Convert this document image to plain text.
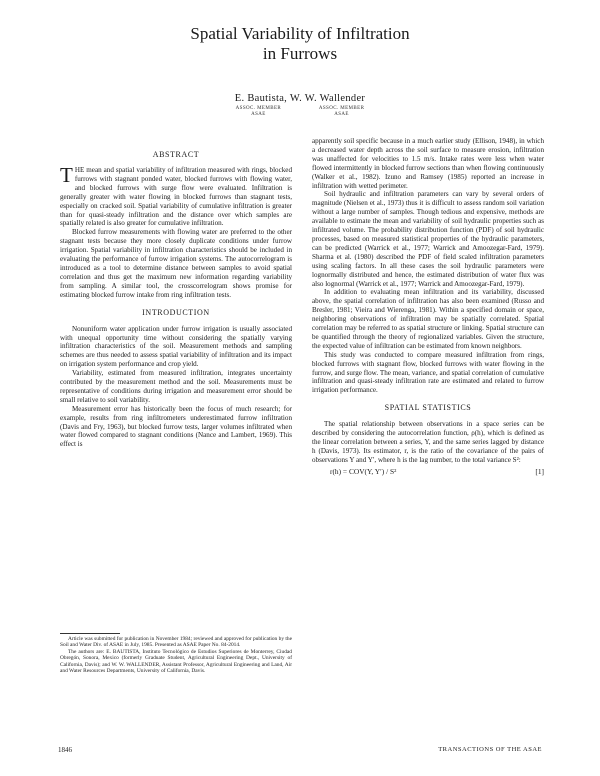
Spatial Variability of Infiltration
in Furrows
E. Bautista, W. W. Wallender
ASSOC. MEMBER
ASAE ASSOC. MEMBER
ASAE
ABSTRACT

THE mean and spatial variability of infiltration measured with rings, blocked furrows with stagnant ponded water, blocked furrows with flowing water, and blocked furrows with surge flow were evaluated. Infiltration is generally greater with water flowing in blocked furrows than stagnant tests, especially on cracked soil. Spatial variability of cumulative infiltration is greater than for quasi-steady infiltration and the distance over which samples are spatially related is also greater for cumulative infiltration.

Blocked furrow measurements with flowing water are preferred to the other stagnant tests because they more closely duplicate conditions under furrow irrigation. Spatial variability in infiltration characteristics should be included in evaluating the performance of furrow irrigation systems. The autocorrelogram is introduced as a tool to determine distance between samples to avoid spatial correlation and thus get the maximum new information regarding variability from sampling. A similar tool, the crosscorrelogram shows promise for estimating blocked furrow intake from ring infiltration tests.

INTRODUCTION

Nonuniform water application under furrow irrigation is usually associated with unequal opportunity time without considering the spatially varying infiltration characteristics of the soil. Measurement methods and sampling schemes are thus needed to assess spatial variability of infiltration and its impact on irrigation system performance and crop yield.

Variability, estimated from measured infiltration, integrates uncertainty contributed by the measurement method and the soil. Measurements must be representative of conditions during irrigation and measurement error should be small relative to soil variability.

Measurement error has historically been the focus of much research; for example, results from ring infiltrometers underestimated furrow infiltration (Davis and Fry, 1963), but blocked furrow tests, larger volumes infiltrated when water flowed compared to stagnant conditions (Nance and Lambert, 1969). This effect is

Article was submitted for publication in November 1984; reviewed and approved for publication by the Soil and Water Div. of ASAE in July, 1985. Presented as ASAE Paper No. 84-2014.

The authors are: E. BAUTISTA, Instituto Tecnológico de Estudios Superiores de Monterrey, Ciudad Obregón, Sonora, Mexico (formerly Graduate Student, Agricultural Engineering Dept., University of California, Davis); and W. W. WALLENDER, Assistant Professor, Agricultural Engineering and Land, Air and Water Resources Departments, University of California, Davis.

apparently soil specific because in a much earlier study (Ellison, 1948), in which a decreased water depth across the soil surface to measure erosion, infiltration was unaffected for velocities to 1.5 m/s. Intake rates were less when water flowed intermittently in blocked furrow sections than when flowing continuously (Walker et al., 1982). Izuno and Ramsey (1985) reported an increase in infiltration with wetted perimeter.

Soil hydraulic and infiltration parameters can vary by several orders of magnitude (Nielsen et al., 1973) thus it is difficult to assess random soil variation without a large number of samples. Though tedious and expensive, methods are available to estimate the mean and variability of soil hydraulic properties such as infiltrated volume. The probability distribution function (PDF) of soil hydraulic processes, based on measured statistical properties of the hydraulic parameters, can be predicted (Warrick et al., 1977; Warrick and Amoozegar-Fard, 1979). Sharma et al. (1980) described the PDF of field scaled infiltration parameters using scaling factors. In all these cases the soil hydraulic parameters were lognormally distributed and hence, the estimated distribution of water flux was also lognormal (Warrick et al., 1977; Warrick and Amoozegar-Fard, 1979).

In addition to evaluating mean infiltration and its variability, discussed above, the spatial correlation of infiltration has also been examined (Russo and Bresler, 1981; Vieira and Wierenga, 1981). Within a specified domain or space, neighboring observations of infiltration may be spatially correlated. Spatial correlation may be referred to as spatial structure or linking. Spatial structure can be quantified through the theory of regionalized variables. Given the structure, the expected value of infiltration can be estimated from known neighbors.

This study was conducted to compare measured infiltration from rings, blocked furrows with stagnant flow, blocked furrows with water flowing in the furrow, and surge flow. The mean, variance, and spatial correlation of cumulative infiltration and quasi-steady infiltration rate are estimated and related to furrow irrigation performance.

SPATIAL STATISTICS

The spatial relationship between observations in a space series can be described by considering the autocorrelation function, ρ(h), which is defined as the linear correlation between a series, Y, and the same series lagged by distance h (Davis, 1973). Its estimator, r, is the ratio of the covariance of the pairs of observations Y and Y′, where h is the lag number, to the total variance S²:

r(h) = COV(Y, Y′) / S²	[1]
1846	TRANSACTIONS OF THE ASAE
